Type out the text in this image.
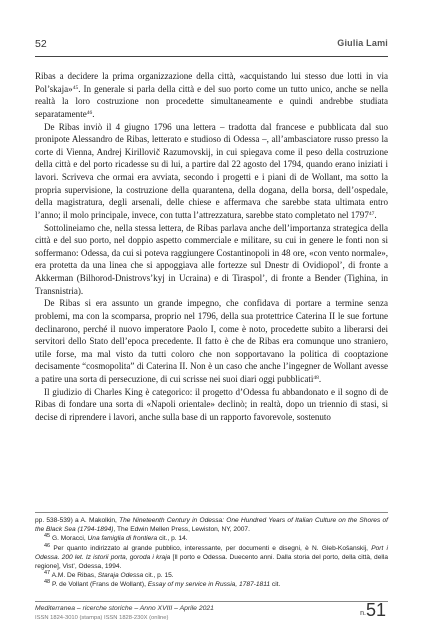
52	Giulia Lami

Ribas a decidere la prima organizzazione della città, «acquistando lui stesso due lotti in via Pol’skaja»$^{45}$. In generale si parla della città e del suo porto come un tutto unico, anche se nella realtà la loro costruzione non procedette simultaneamente e quindi andrebbe studiata separatamente$^{46}$.

De Ribas inviò il 4 giugno 1796 una lettera – tradotta dal francese e pubblicata dal suo pronipote Alessandro de Ribas, letterato e studioso di Odessa –, all’ambasciatore russo presso la corte di Vienna, Andrej Kirillovič Razumovskij, in cui spiegava come il peso della costruzione della città e del porto ricadesse su di lui, a partire dal 22 agosto del 1794, quando erano iniziati i lavori. Scriveva che ormai era avviata, secondo i progetti e i piani di de Wollant, ma sotto la propria supervisione, la costruzione della quarantena, della dogana, della borsa, dell’ospedale, della magistratura, degli arsenali, delle chiese e affermava che sarebbe stata ultimata entro l’anno; il molo principale, invece, con tutta l’attrezzatura, sarebbe stato completato nel 1797$^{47}$.

Sottolineiamo che, nella stessa lettera, de Ribas parlava anche dell’importanza strategica della città e del suo porto, nel doppio aspetto commerciale e militare, su cui in genere le fonti non si soffermano: Odessa, da cui si poteva raggiungere Costantinopoli in 48 ore, «con vento normale», era protetta da una linea che si appoggiava alle fortezze sul Dnestr di Ovidiopol’, di fronte a Akkerman (Bilhorod-Dnistrovs’kyj in Ucraina) e di Tiraspol’, di fronte a Bender (Tighina, in Transnistria).

De Ribas si era assunto un grande impegno, che confidava di portare a termine senza problemi, ma con la scomparsa, proprio nel 1796, della sua protettrice Caterina II le sue fortune declinarono, perché il nuovo imperatore Paolo I, come è noto, procedette subito a liberarsi dei servitori dello Stato dell’epoca precedente. Il fatto è che de Ribas era comunque uno straniero, utile forse, ma mal visto da tutti coloro che non sopportavano la politica di cooptazione decisamente “cosmopolita” di Caterina II. Non è un caso che anche l’ingegner de Wollant avesse a patire una sorta di persecuzione, di cui scrisse nei suoi diari oggi pubblicati$^{48}$.

Il giudizio di Charles King è categorico: il progetto d’Odessa fu abbandonato e il sogno di de Ribas di fondare una sorta di «Napoli orientale» declinò; in realtà, dopo un triennio di stasi, si decise di riprendere i lavori, anche sulla base di un rapporto favorevole, sostenuto

pp. 538-539) a A. Makolkin, The Nineteenth Century in Odessa: One Hundred Years of Italian Culture on the Shores of the Black Sea (1794-1894), The Edwin Mellen Press, Lewiston, NY, 2007.

$^{45}$ G. Moracci, Una famiglia di frontiera cit., p. 14.

$^{46}$ Per quanto indirizzato al grande pubblico, interessante, per documenti e disegni, è N. Gleb-Košanskij, Port i Odessa. 200 let. Iz istorii porta, goroda i kraja [Il porto e Odessa. Duecento anni. Dalla storia del porto, della città, della regione], Vist’, Odessa, 1994.

$^{47}$ A.M. De Ribas, Staraja Odessa cit., p. 15.

$^{48}$ P. de Vollant (Frans de Wollant), Essay of my service in Russia, 1787-1811 cit.

Mediterranea – ricerche storiche – Anno XVIII – Aprile 2021
ISSN 1824-3010 (stampa) ISSN 1828-230X (online)
n.51
